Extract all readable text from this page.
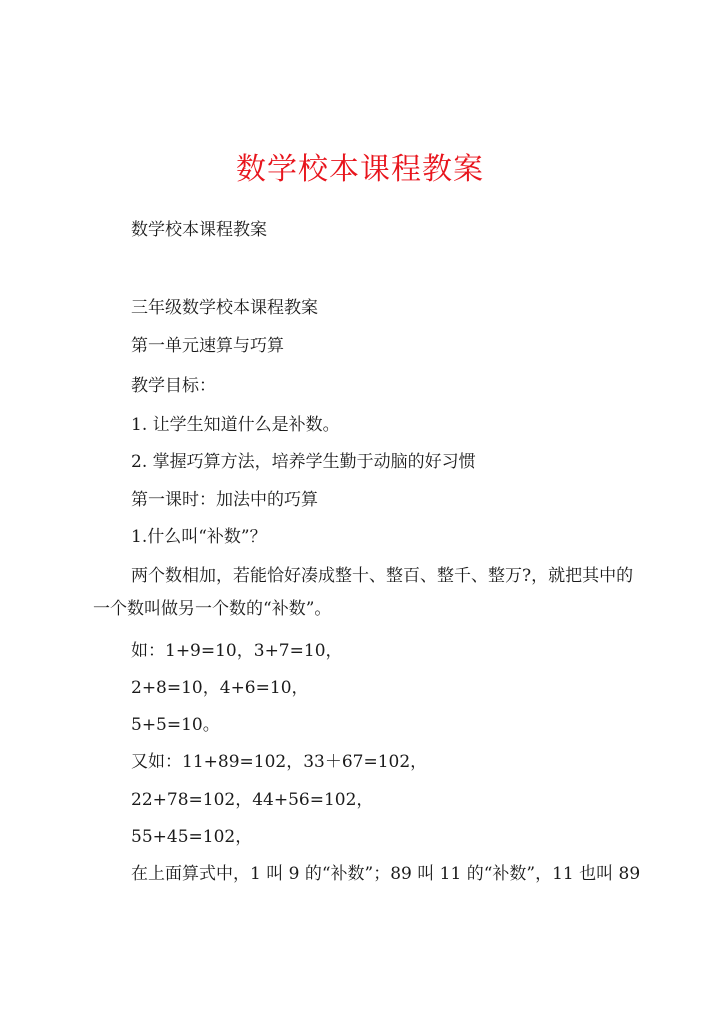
数学校本课程教案

数学校本课程教案

三年级数学校本课程教案

第一单元速算与巧算

教学目标：

1. 让学生知道什么是补数。

2. 掌握巧算方法，培养学生勤于动脑的好习惯

第一课时：加法中的巧算

1.什么叫“补数”？

两个数相加，若能恰好凑成整十、整百、整千、整万?，就把其中的

一个数叫做另一个数的“补数”。

如：1+9=10，3+7=10，

2+8=10，4+6=10，

5+5=10。

又如：11+89=102，33＋67=102，

22+78=102，44+56=102，

55+45=102，

在上面算式中，1 叫 9 的“补数”；89 叫 11 的“补数”，11 也叫 89
